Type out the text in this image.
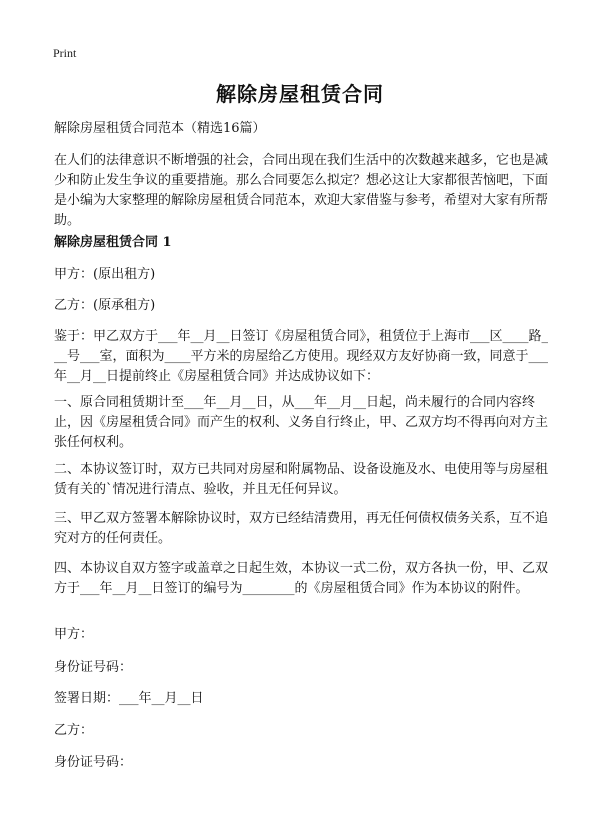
Print
解除房屋租赁合同
解除房屋租赁合同范本（精选16篇）
在人们的法律意识不断增强的社会，合同出现在我们生活中的次数越来越多，它也是减少和防止发生争议的重要措施。那么合同要怎么拟定？想必这让大家都很苦恼吧，下面是小编为大家整理的解除房屋租赁合同范本，欢迎大家借鉴与参考，希望对大家有所帮助。
解除房屋租赁合同 1
甲方：(原出租方)
乙方：(原承租方)
鉴于：甲乙双方于___年__月__日签订《房屋租赁合同》，租赁位于上海市___区____路___号___室，面积为____平方米的房屋给乙方使用。现经双方友好协商一致，同意于___年__月__日提前终止《房屋租赁合同》并达成协议如下：
一、原合同租赁期计至___年__月__日，从___年__月__日起，尚未履行的合同内容终止，因《房屋租赁合同》而产生的权利、义务自行终止，甲、乙双方均不得再向对方主张任何权利。
二、本协议签订时，双方已共同对房屋和附属物品、设备设施及水、电使用等与房屋租赁有关的`情况进行清点、验收，并且无任何异议。
三、甲乙双方签署本解除协议时，双方已经结清费用，再无任何债权债务关系，互不追究对方的任何责任。
四、本协议自双方签字或盖章之日起生效，本协议一式二份，双方各执一份，甲、乙双方于___年__月__日签订的编号为________的《房屋租赁合同》作为本协议的附件。
甲方：
身份证号码：
签署日期：___年__月__日
乙方：
身份证号码：
